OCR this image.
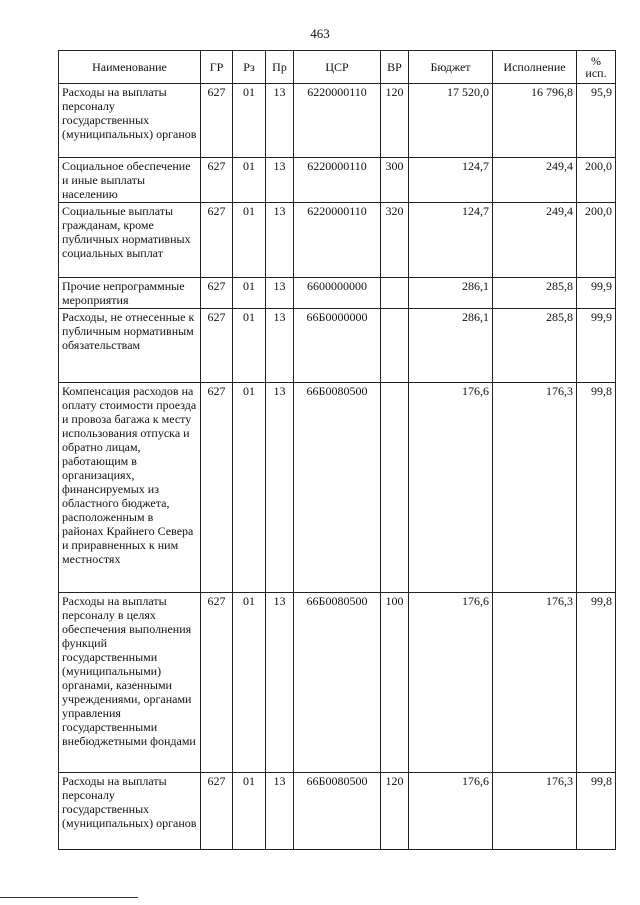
463
Наименование	ГР	Рз	Пр	ЦСР	ВР	Бюджет	Исполнение	%
исп.
Расходы на выплаты персоналу государственных (муниципальных) органов	627	01	13	6220000110	120	17 520,0	16 796,8	95,9
Социальное обеспечение и иные выплаты населению	627	01	13	6220000110	300	124,7	249,4	200,0
Социальные выплаты гражданам, кроме публичных нормативных социальных выплат	627	01	13	6220000110	320	124,7	249,4	200,0
Прочие непрограммные мероприятия	627	01	13	6600000000		286,1	285,8	99,9
Расходы, не отнесенные к публичным нормативным обязательствам	627	01	13	66Б0000000		286,1	285,8	99,9
Компенсация расходов на оплату стоимости проезда и провоза багажа к месту использования отпуска и обратно лицам, работающим в организациях, финансируемых из областного бюджета, расположенным в районах Крайнего Севера и приравненных к ним местностях	627	01	13	66Б0080500		176,6	176,3	99,8
Расходы на выплаты персоналу в целях обеспечения выполнения функций государственными (муниципальными) органами, казенными учреждениями, органами управления государственными внебюджетными фондами	627	01	13	66Б0080500	100	176,6	176,3	99,8
Расходы на выплаты персоналу государственных (муниципальных) органов	627	01	13	66Б0080500	120	176,6	176,3	99,8
